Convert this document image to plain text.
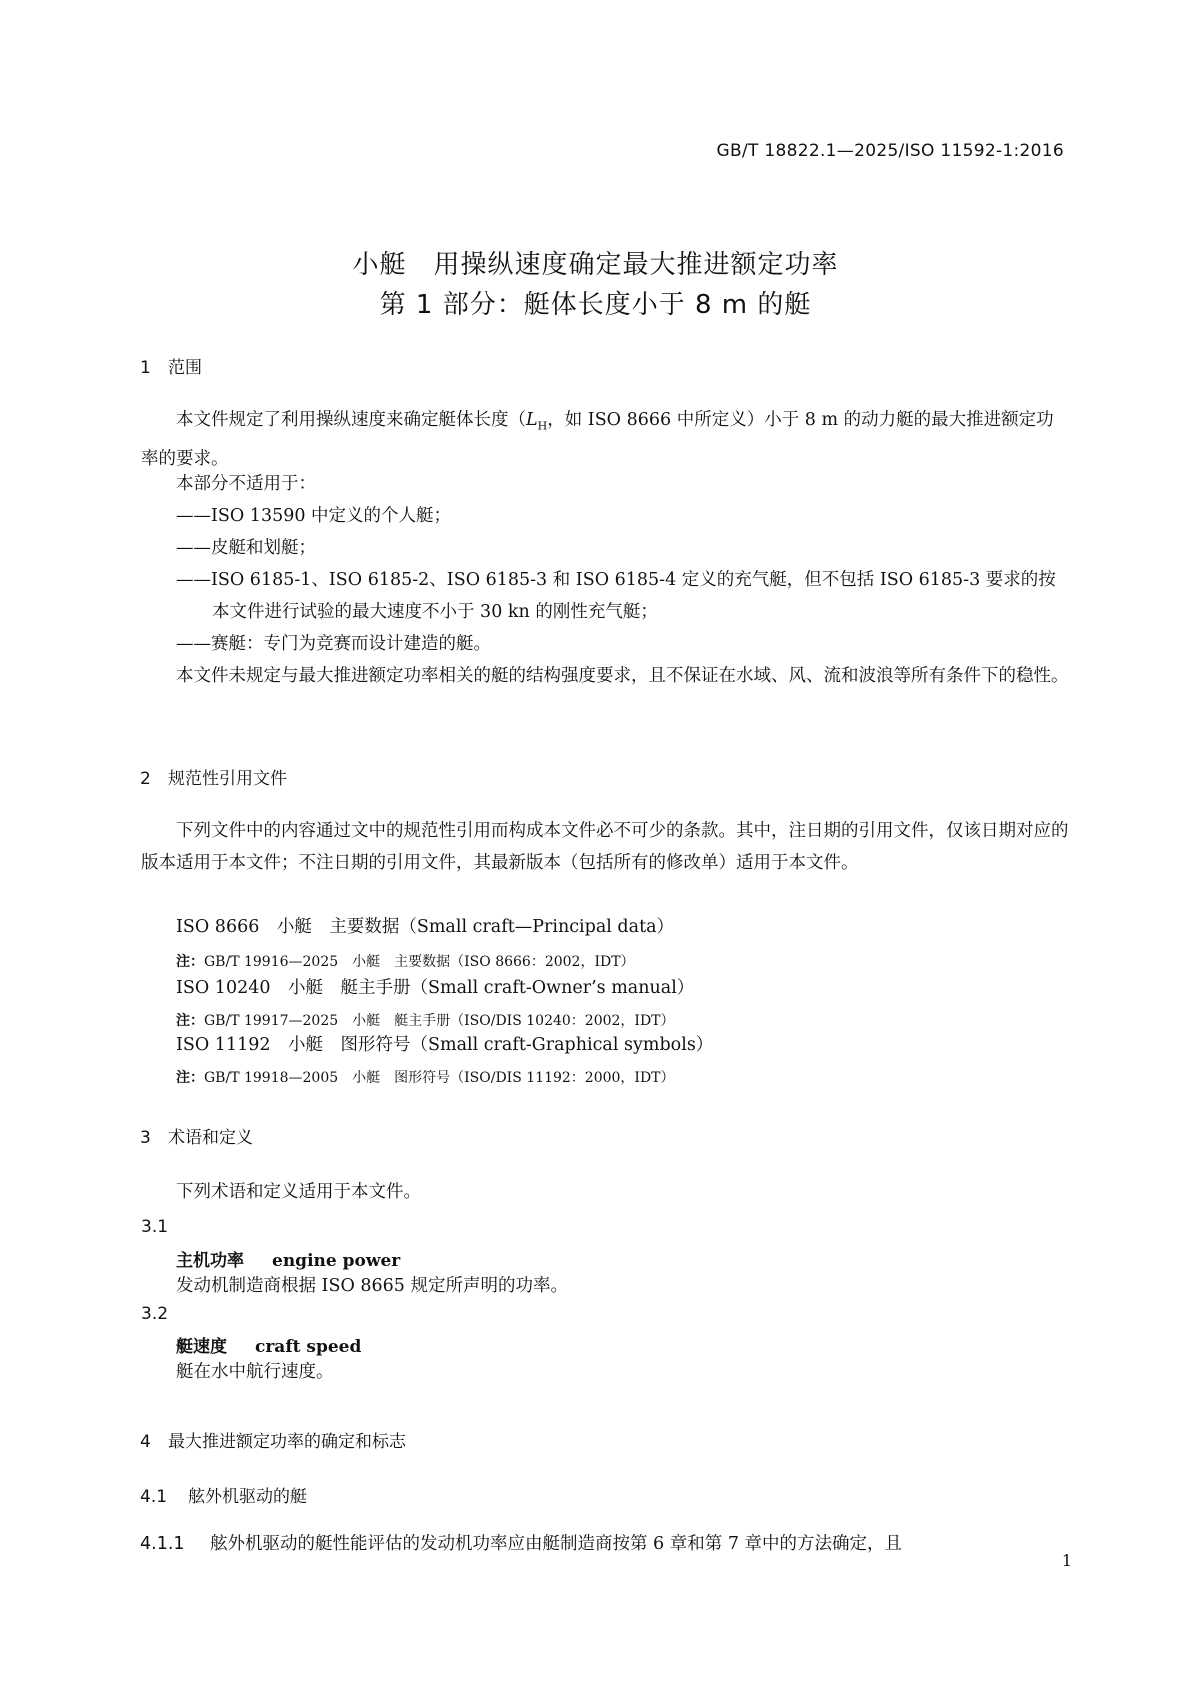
GB/T 18822.1—2025/ISO 11592-1:2016
小艇　用操纵速度确定最大推进额定功率
第 1 部分：艇体长度小于 8 m 的艇
1 范围
本文件规定了利用操纵速度来确定艇体长度（$L_H$，如 ISO 8666 中所定义）小于 8 m 的动力艇的最大推进额定功率的要求。
本部分不适用于：
——ISO 13590 中定义的个人艇；
——皮艇和划艇；
——ISO 6185-1、ISO 6185-2、ISO 6185-3 和 ISO 6185-4 定义的充气艇，但不包括 ISO 6185-3 要求的按本文件进行试验的最大速度不小于 30 kn 的刚性充气艇；
——赛艇：专门为竞赛而设计建造的艇。
本文件未规定与最大推进额定功率相关的艇的结构强度要求，且不保证在水域、风、流和波浪等所有条件下的稳性。
2 规范性引用文件
下列文件中的内容通过文中的规范性引用而构成本文件必不可少的条款。其中，注日期的引用文件，仅该日期对应的版本适用于本文件；不注日期的引用文件，其最新版本（包括所有的修改单）适用于本文件。
ISO 8666　小艇　主要数据（Small craft—Principal data）
注：GB/T 19916—2025　小艇　主要数据（ISO 8666：2002，IDT）
ISO 10240　小艇　艇主手册（Small craft-Owner’s manual）
注：GB/T 19917—2025　小艇　艇主手册（ISO/DIS 10240：2002，IDT）
ISO 11192　小艇　图形符号（Small craft-Graphical symbols）
注：GB/T 19918—2005　小艇　图形符号（ISO/DIS 11192：2000，IDT）
3 术语和定义
下列术语和定义适用于本文件。
3.1
主机功率 engine power
发动机制造商根据 ISO 8665 规定所声明的功率。
3.2
艇速度 craft speed
艇在水中航行速度。
4 最大推进额定功率的确定和标志
4.1 舷外机驱动的艇
4.1.1 舷外机驱动的艇性能评估的发动机功率应由艇制造商按第 6 章和第 7 章中的方法确定，且
1
